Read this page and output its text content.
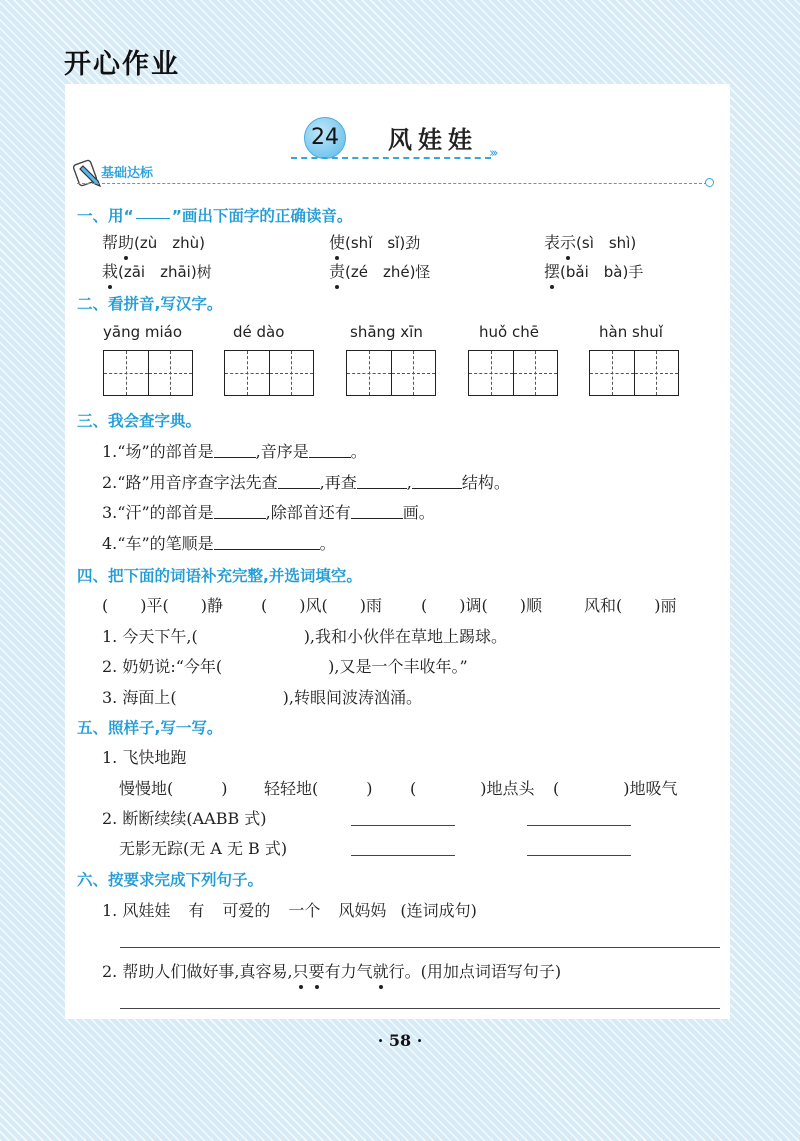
开心作业
24 风娃娃 ›››
基础达标
一、用“ ”画出下面字的正确读音。
帮助(zù　zhù)	使(shǐ　sǐ)劲	表示(sì　shì)
栽(zāi　zhāi)树	责(zé　zhé)怪	摆(bǎi　bà)手
二、看拼音,写汉字。
yāng miáo	dé dào	shāng xīn	huǒ chē	hàn shuǐ
三、我会查字典。
1.“场”的部首是	,音序是	。
2.“路”用音序查字法先查	,再查	,	结构。
3.“汗”的部首是	,除部首还有	画。
4.“车”的笔顺是	。
四、把下面的词语补充完整,并选词填空。
(　　)平(　　)静 (　　)风(　　)雨 (　　)调(　　)顺	风和(　　)丽
1. 今天下午,(	),我和小伙伴在草地上踢球。
2. 奶奶说:“今年(	),又是一个丰收年。”
3. 海面上(	),转眼间波涛汹涌。
五、照样子,写一写。
1. 飞快地跑
慢慢地(　　　) 轻轻地(　　　) (　　　　)地点头 (　　　　)地吸气
2. 断断续续(AABB 式)
无影无踪(无 A 无 B 式)
六、按要求完成下列句子。
1. 风娃娃 有 可爱的 一个 风妈妈 (连词成句)
2. 帮助人们做好事,真容易,只要有力气就行。(用加点词语写句子)
· 58 ·
